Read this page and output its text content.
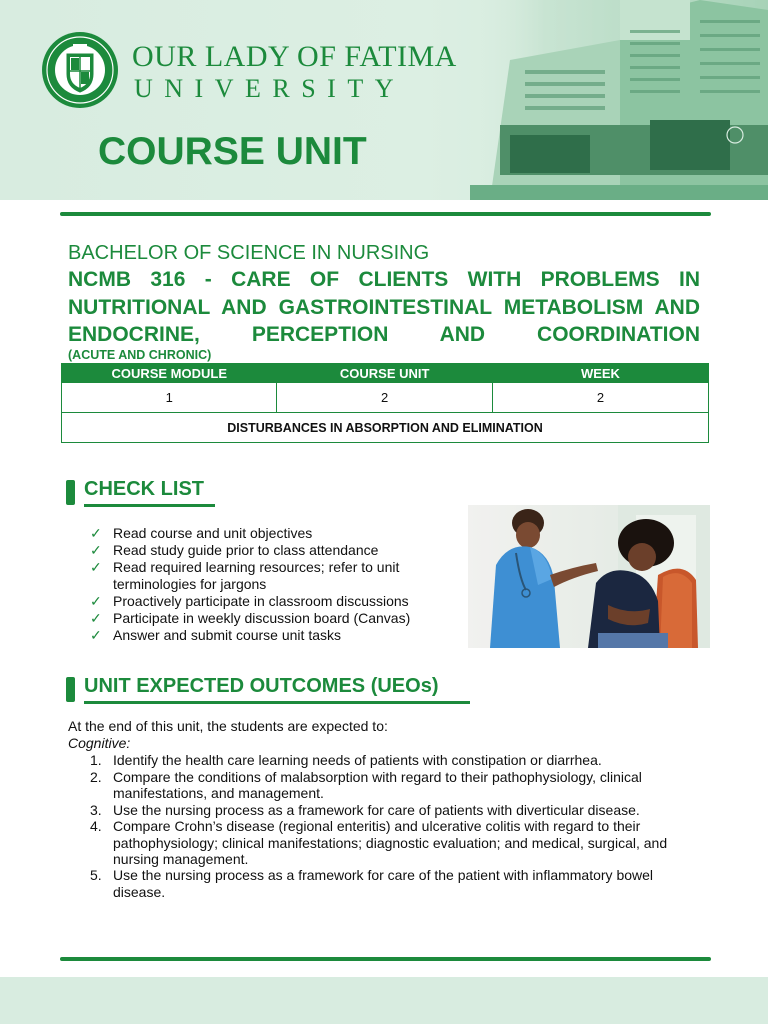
OUR LADY OF FATIMA
UNIVERSITY
COURSE UNIT
BACHELOR OF SCIENCE IN NURSING
NCMB 316 - CARE OF CLIENTS WITH PROBLEMS IN NUTRITIONAL AND GASTROINTESTINAL METABOLISM AND ENDOCRINE, PERCEPTION AND COORDINATION
(ACUTE AND CHRONIC)
COURSE MODULE	COURSE UNIT	WEEK
1	2	2
DISTURBANCES IN ABSORPTION AND ELIMINATION		
CHECK LIST
✓ Read course and unit objectives
✓ Read study guide prior to class attendance
✓ Read required learning resources; refer to unit terminologies for jargons
✓ Proactively participate in classroom discussions
✓ Participate in weekly discussion board (Canvas)
✓ Answer and submit course unit tasks
UNIT EXPECTED OUTCOMES (UEOs)
At the end of this unit, the students are expected to:
Cognitive:
1. Identify the health care learning needs of patients with constipation or diarrhea.
2. Compare the conditions of malabsorption with regard to their pathophysiology, clinical manifestations, and management.
3. Use the nursing process as a framework for care of patients with diverticular disease.
4. Compare Crohn’s disease (regional enteritis) and ulcerative colitis with regard to their pathophysiology; clinical manifestations; diagnostic evaluation; and medical, surgical, and nursing management.
5. Use the nursing process as a framework for care of the patient with inflammatory bowel disease.
